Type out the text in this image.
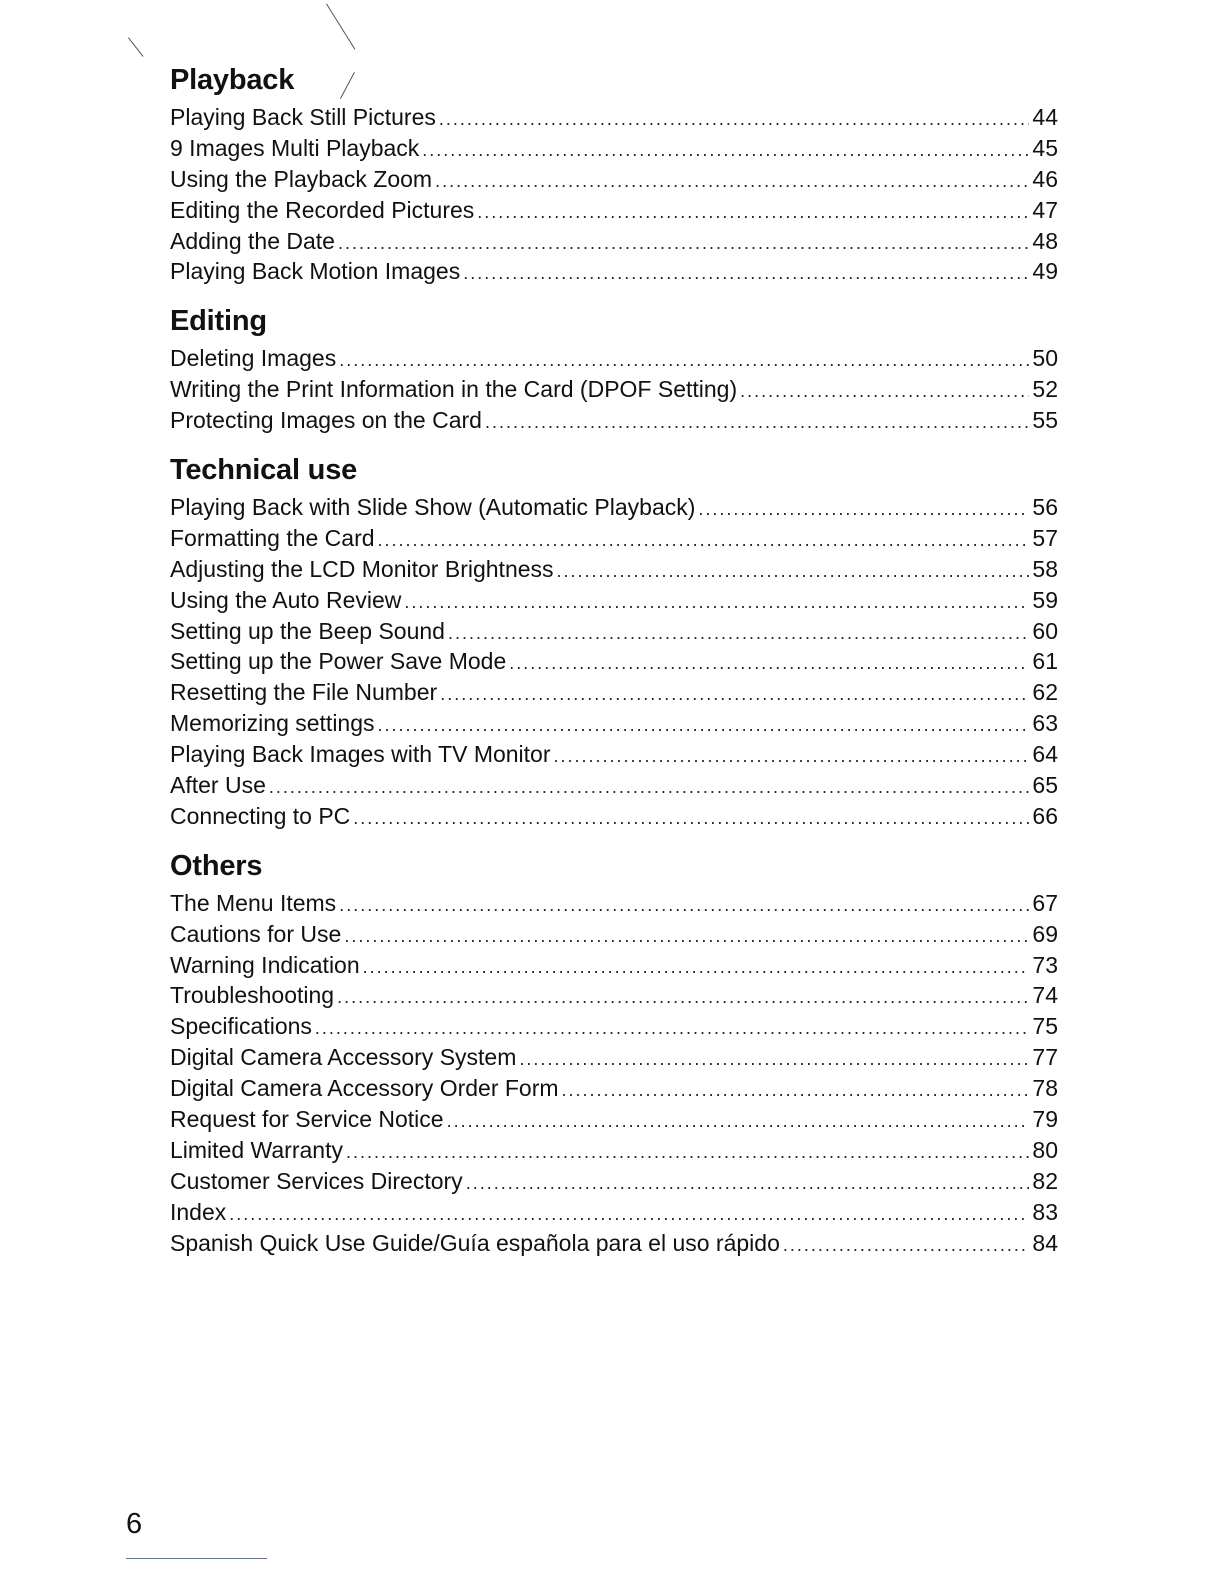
Playback
Playing Back Still Pictures .....	44
9 Images Multi Playback .....	45
Using the Playback Zoom .....	46
Editing the Recorded Pictures .....	47
Adding the Date .....	48
Playing Back Motion Images .....	49
Editing
Deleting Images .....	50
Writing the Print Information in the Card (DPOF Setting) .....	52
Protecting Images on the Card .....	55
Technical use
Playing Back with Slide Show (Automatic Playback) .....	56
Formatting the Card .....	57
Adjusting the LCD Monitor Brightness .....	58
Using the Auto Review .....	59
Setting up the Beep Sound .....	60
Setting up the Power Save Mode .....	61
Resetting the File Number .....	62
Memorizing settings .....	63
Playing Back Images with TV Monitor .....	64
After Use .....	65
Connecting to PC .....	66
Others
The Menu Items .....	67
Cautions for Use .....	69
Warning Indication .....	73
Troubleshooting .....	74
Specifications .....	75
Digital Camera Accessory System .....	77
Digital Camera Accessory Order Form .....	78
Request for Service Notice .....	79
Limited Warranty .....	80
Customer Services Directory .....	82
Index .....	83
Spanish Quick Use Guide/Guía española para el uso rápido .....	84
6
